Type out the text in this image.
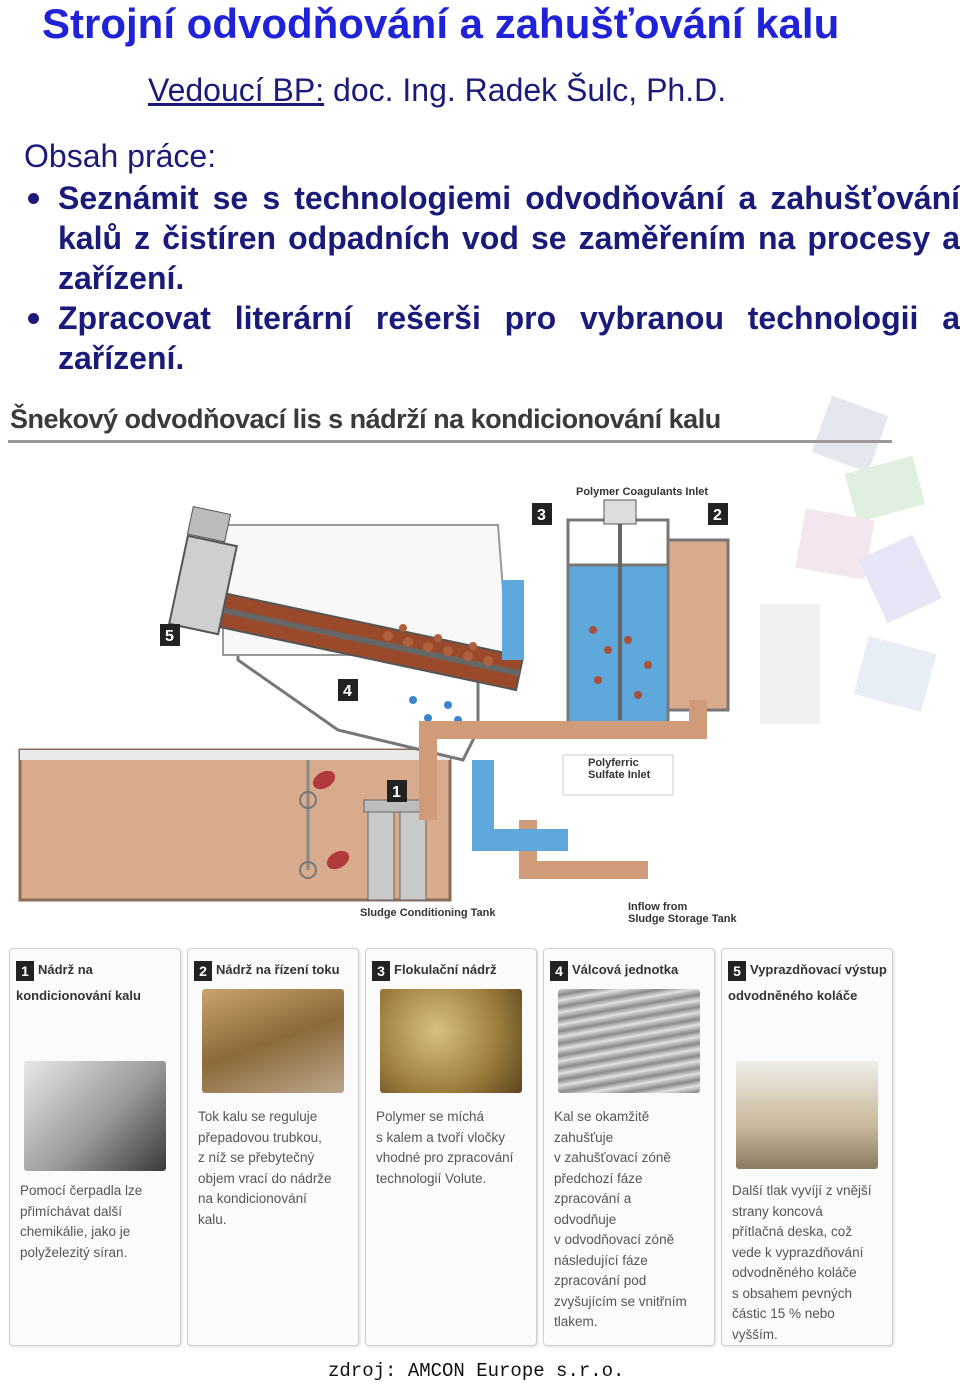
Strojní odvodňování a zahušťování kalu
Vedoucí BP: doc. Ing. Radek Šulc, Ph.D.
Obsah práce:
Seznámit se s technologiemi odvodňování a zahušťování kalů z čistíren odpadních vod se zaměřením na procesy a zařízení.
Zpracovat literární rešerši pro vybranou technologii a zařízení.
Šnekový odvodňovací lis s nádrží na kondicionování kalu
Polymer Coagulants Inlet
Polyferric
Sulfate Inlet
Sludge Conditioning Tank	Inflow from
Sludge Storage Tank
1
2
3
4
5
1 Nádrž na kondicionování kalu
Pomocí čerpadla lze
přimíchávat další
chemikálie, jako je
polyželezitý síran.
2 Nádrž na řízení toku
Tok kalu se reguluje
přepadovou trubkou,
z níž se přebytečný
objem vrací do nádrže
na kondicionování
kalu.
3 Flokulační nádrž
Polymer se míchá
s kalem a tvoří vločky
vhodné pro zpracování
technologií Volute.
4 Válcová jednotka
Kal se okamžitě
zahušťuje
v zahušťovací zóně
předchozí fáze
zpracování a
odvodňuje
v odvodňovací zóně
následující fáze
zpracování pod
zvyšujícím se vnitřním
tlakem.
5 Vyprazdňovací výstup odvodněného koláče
Další tlak vyvíjí z vnější
strany koncová
přítlačná deska, což
vede k vyprazdňování
odvodněného koláče
s obsahem pevných
částic 15 % nebo
vyšším.
zdroj: AMCON Europe s.r.o.
